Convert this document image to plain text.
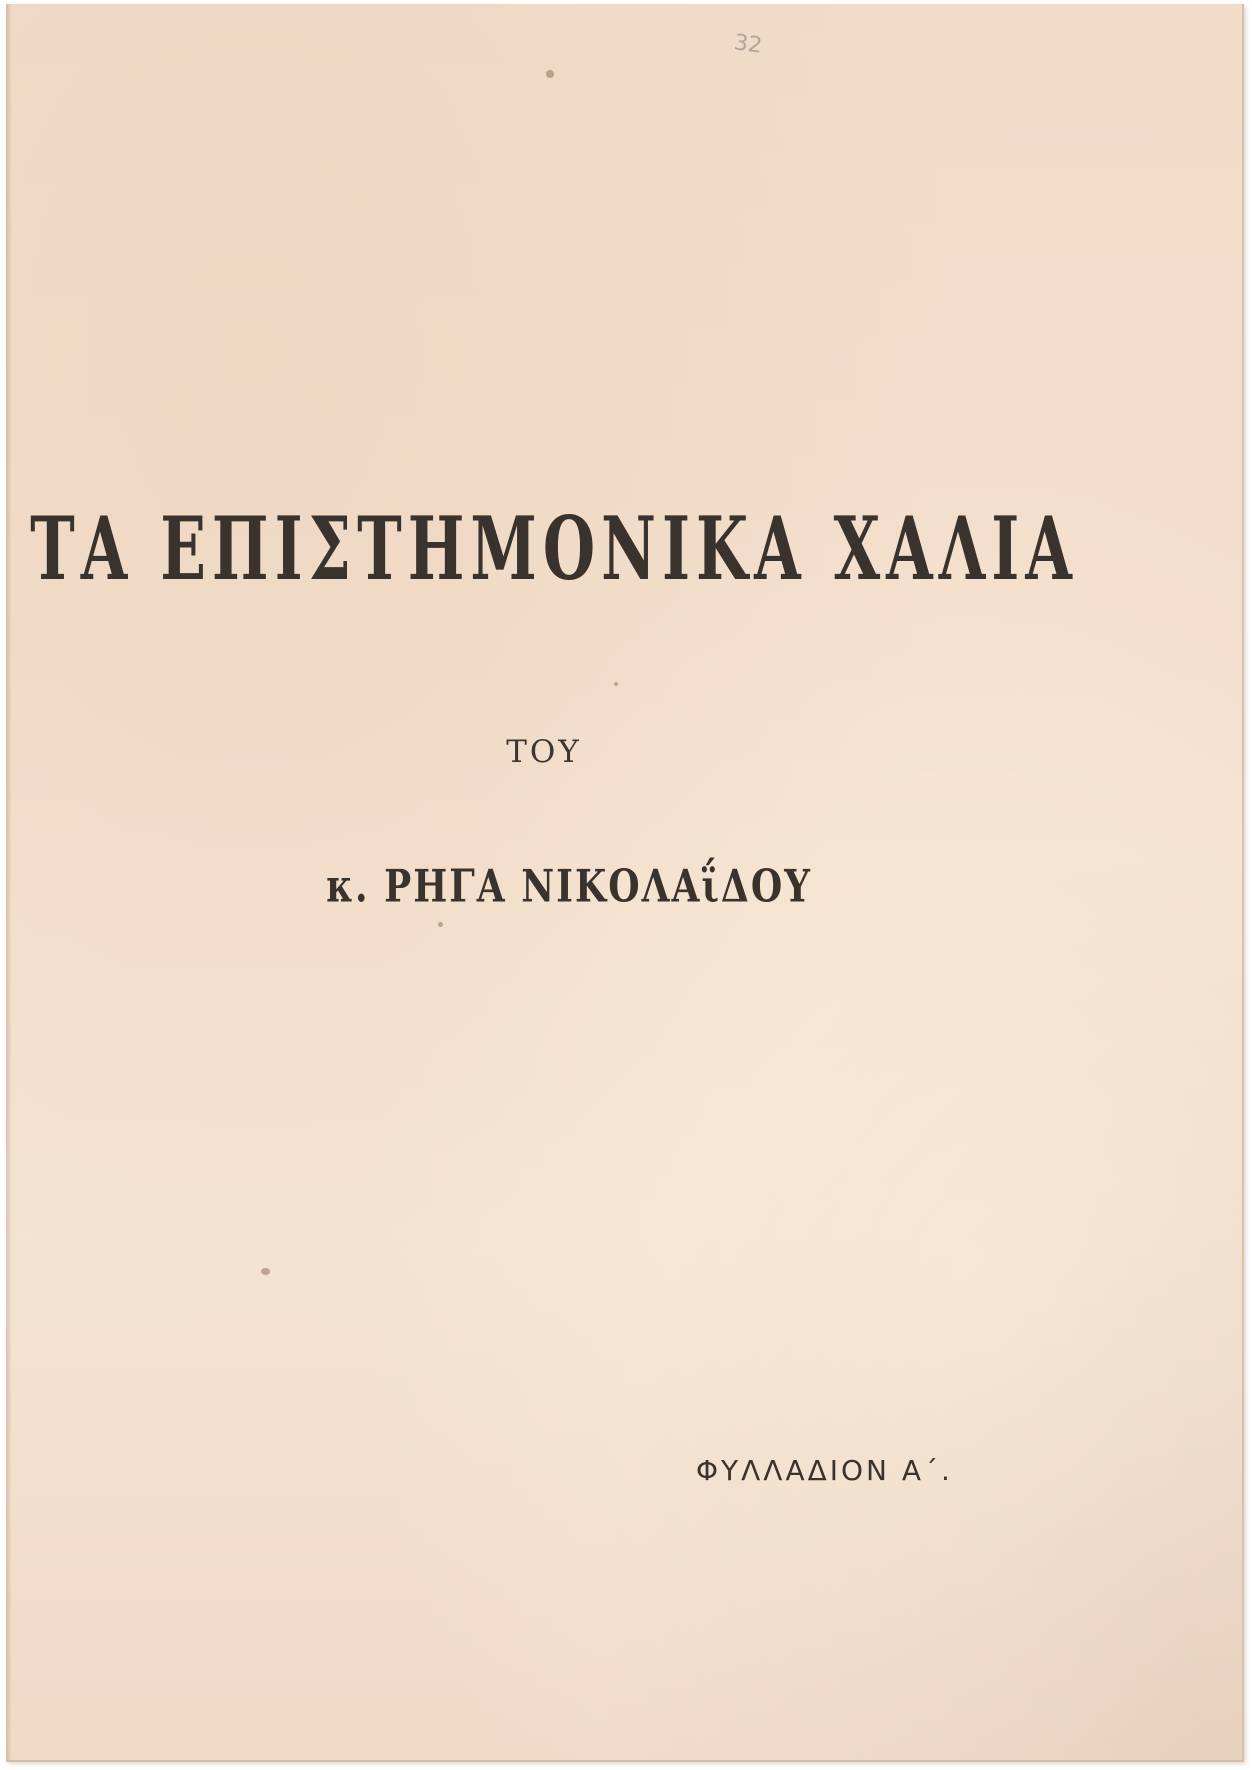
32
ΤΑ ΕΠΙΣΤΗΜΟΝΙΚΑ ΧΑΛΙΑ
ΤΟΥ
κ. ΡΗΓΑ ΝΙΚΟΛΑΐΔΟΥ
ΦΥΛΛΑΔΙΟΝ Α΄.
